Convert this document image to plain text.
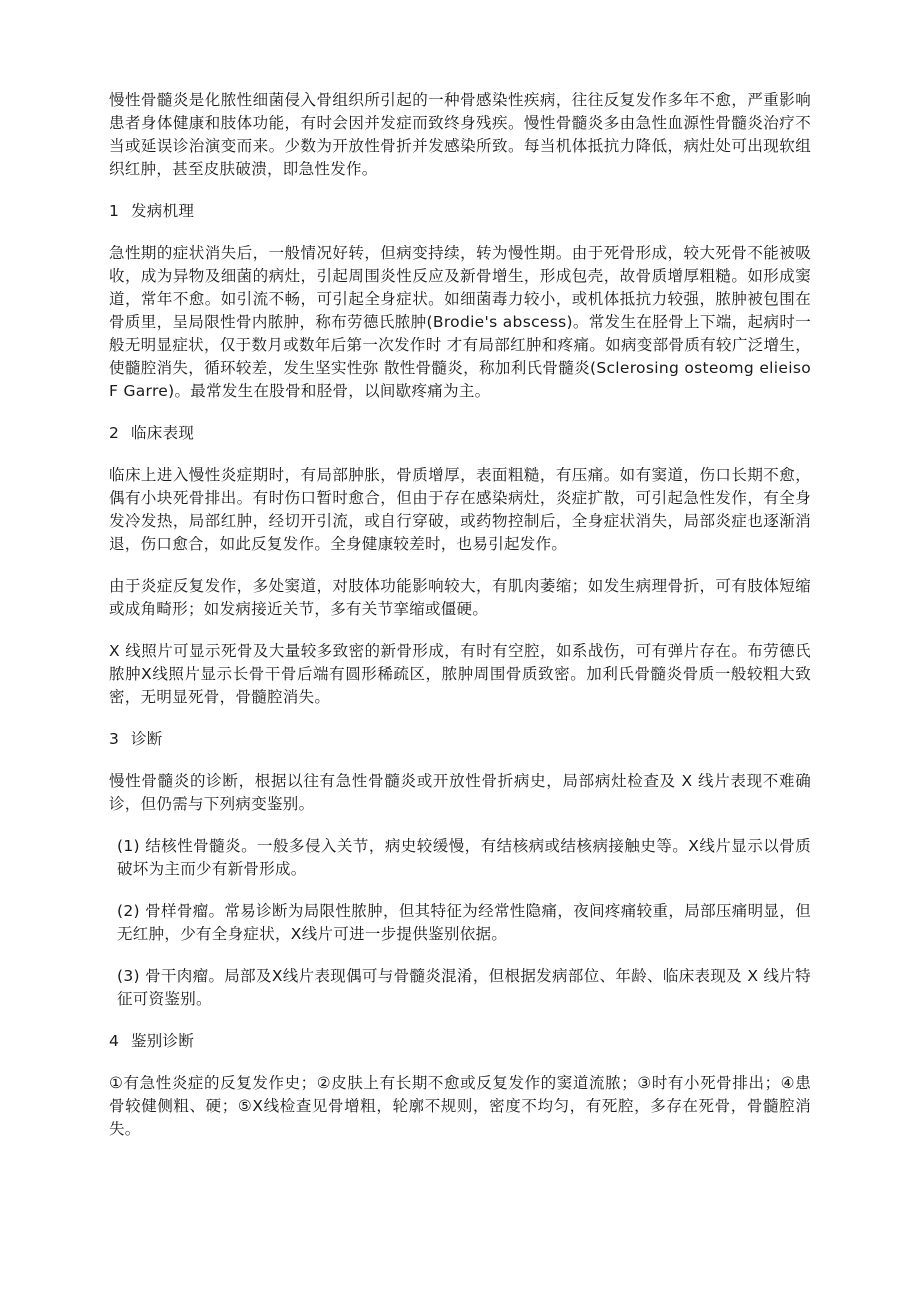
慢性骨髓炎是化脓性细菌侵入骨组织所引起的一种骨感染性疾病，往往反复发作多年不愈，严重影响患者身体健康和肢体功能，有时会因并发症而致终身残疾。慢性骨髓炎多由急性血源性骨髓炎治疗不当或延误诊治演变而来。少数为开放性骨折并发感染所致。每当机体抵抗力降低，病灶处可出现软组织红肿，甚至皮肤破溃，即急性发作。

1 发病机理

急性期的症状消失后，一般情况好转，但病变持续，转为慢性期。由于死骨形成，较大死骨不能被吸收，成为异物及细菌的病灶，引起周围炎性反应及新骨增生，形成包壳，故骨质增厚粗糙。如形成窦道，常年不愈。如引流不畅，可引起全身症状。如细菌毒力较小，或机体抵抗力较强，脓肿被包围在骨质里，呈局限性骨内脓肿，称布劳德氏脓肿(Brodie's abscess)。常发生在胫骨上下端，起病时一般无明显症状，仅于数月或数年后第一次发作时 才有局部红肿和疼痛。如病变部骨质有较广泛增生，使髓腔消失，循环较差，发生坚实性弥 散性骨髓炎，称加利氏骨髓炎(Sclerosing osteomg elieisoF Garre)。最常发生在股骨和胫骨，以间歇疼痛为主。

2 临床表现

临床上进入慢性炎症期时，有局部肿胀，骨质增厚，表面粗糙，有压痛。如有窦道，伤口长期不愈，偶有小块死骨排出。有时伤口暂时愈合，但由于存在感染病灶，炎症扩散，可引起急性发作，有全身发冷发热，局部红肿，经切开引流，或自行穿破，或药物控制后，全身症状消失，局部炎症也逐渐消退，伤口愈合，如此反复发作。全身健康较差时，也易引起发作。

由于炎症反复发作，多处窦道，对肢体功能影响较大，有肌肉萎缩；如发生病理骨折，可有肢体短缩或成角畸形；如发病接近关节，多有关节挛缩或僵硬。

X 线照片可显示死骨及大量较多致密的新骨形成，有时有空腔，如系战伤，可有弹片存在。布劳德氏脓肿X线照片显示长骨干骨后端有圆形稀疏区，脓肿周围骨质致密。加利氏骨髓炎骨质一般较粗大致密，无明显死骨，骨髓腔消失。

3 诊断

慢性骨髓炎的诊断，根据以往有急性骨髓炎或开放性骨折病史，局部病灶检查及 X 线片表现不难确诊，但仍需与下列病变鉴别。

(1) 结核性骨髓炎。一般多侵入关节，病史较缓慢，有结核病或结核病接触史等。X线片显示以骨质破坏为主而少有新骨形成。

(2) 骨样骨瘤。常易诊断为局限性脓肿，但其特征为经常性隐痛，夜间疼痛较重，局部压痛明显，但无红肿，少有全身症状，X线片可进一步提供鉴别依据。

(3) 骨干肉瘤。局部及X线片表现偶可与骨髓炎混淆，但根据发病部位、年龄、临床表现及 X 线片特征可资鉴别。

4 鉴别诊断

①有急性炎症的反复发作史；②皮肤上有长期不愈或反复发作的窦道流脓；③时有小死骨排出；④患骨较健侧粗、硬；⑤X线检查见骨增粗，轮廓不规则，密度不均匀，有死腔，多存在死骨，骨髓腔消失。
